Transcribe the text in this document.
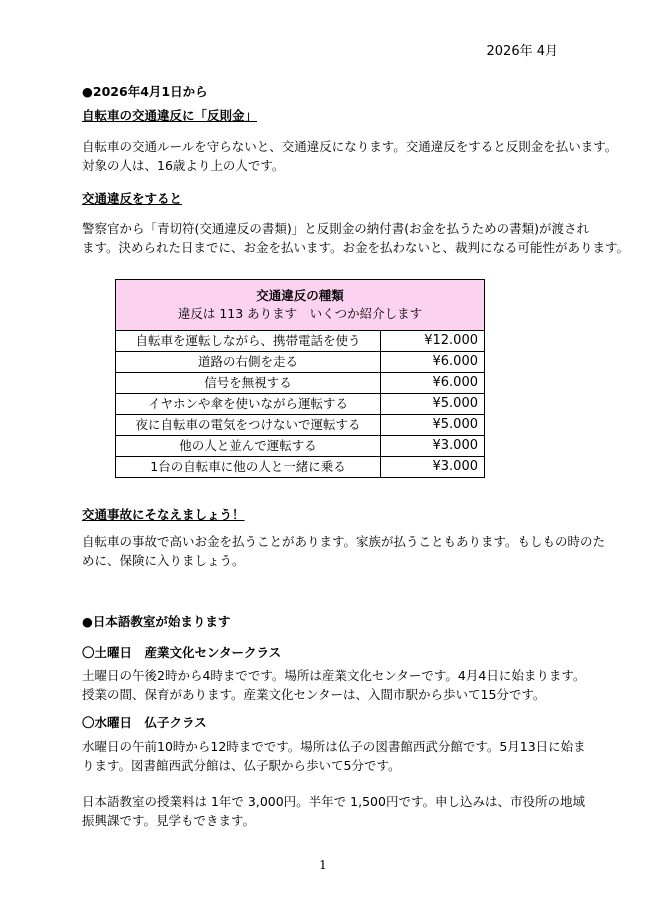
2026年 4月
●2026年4月1日から
自転車の交通違反に「反則金」
自転車の交通ルールを守らないと、交通違反になります。交通違反をすると反則金を払います。
対象の人は、16歳より上の人です。
交通違反をすると
警察官から「青切符(交通違反の書類)」と反則金の納付書(お金を払うための書類)が渡され
ます。決められた日までに、お金を払います。お金を払わないと、裁判になる可能性があります。
交通違反の種類
違反は 113 あります　いくつか紹介します	

自転車を運転しながら、携帯電話を使う	¥12.000
道路の右側を走る	¥6.000
信号を無視する	¥6.000
イヤホンや傘を使いながら運転する	¥5.000
夜に自転車の電気をつけないで運転する	¥5.000
他の人と並んで運転する	¥3.000
1台の自転車に他の人と一緒に乗る	¥3.000
交通事故にそなえましょう！
自転車の事故で高いお金を払うことがあります。家族が払うこともあります。もしもの時のた
めに、保険に入りましょう。
●日本語教室が始まります
〇土曜日　産業文化センタークラス
土曜日の午後2時から4時までです。場所は産業文化センターです。4月4日に始まります。
授業の間、保育があります。産業文化センターは、入間市駅から歩いて15分です。
〇水曜日　仏子クラス
水曜日の午前10時から12時までです。場所は仏子の図書館西武分館です。5月13日に始ま
ります。図書館西武分館は、仏子駅から歩いて5分です。
日本語教室の授業料は 1年で 3,000円。半年で 1,500円です。申し込みは、市役所の地域
振興課です。見学もできます。
1
